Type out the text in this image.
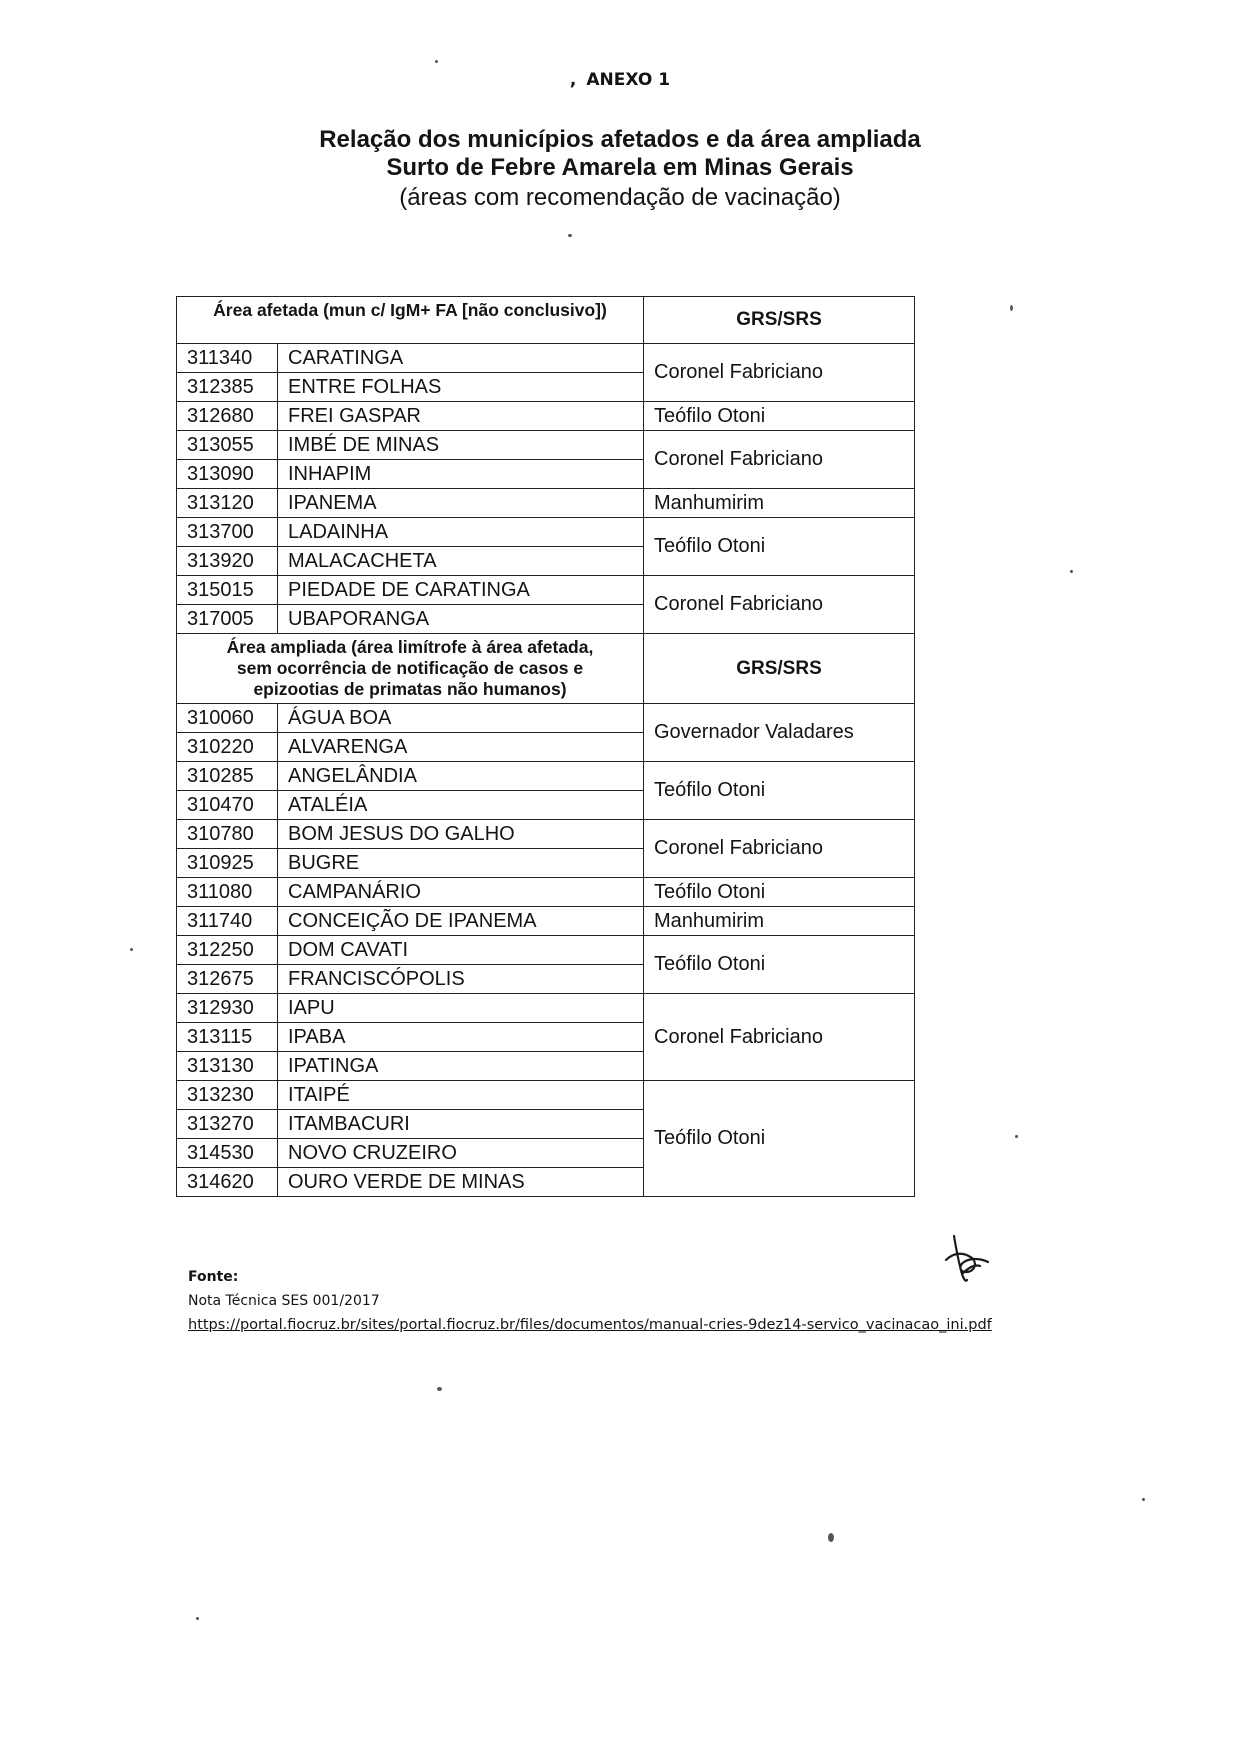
, ANEXO 1
Relação dos municípios afetados e da área ampliada
Surto de Febre Amarela em Minas Gerais
(áreas com recomendação de vacinação)
Área afetada (mun c/ IgM+ FA [não conclusivo])		GRS/SRS
311340	CARATINGA	Coronel Fabriciano
312385	ENTRE FOLHAS	
312680	FREI GASPAR	Teófilo Otoni
313055	IMBÉ DE MINAS	Coronel Fabriciano
313090	INHAPIM	
313120	IPANEMA	Manhumirim
313700	LADAINHA	Teófilo Otoni
313920	MALACACHETA	
315015	PIEDADE DE CARATINGA	Coronel Fabriciano
317005	UBAPORANGA	

Área ampliada (área limítrofe à área afetada,
sem ocorrência de notificação de casos e
epizootias de primatas não humanos)		GRS/SRS
310060	ÁGUA BOA	Governador Valadares
310220	ALVARENGA	
310285	ANGELÂNDIA	Teófilo Otoni
310470	ATALÉIA	
310780	BOM JESUS DO GALHO	Coronel Fabriciano
310925	BUGRE	
311080	CAMPANÁRIO	Teófilo Otoni
311740	CONCEIÇÃO DE IPANEMA	Manhumirim
312250	DOM CAVATI	Teófilo Otoni
312675	FRANCISCÓPOLIS	
312930	IAPU	Coronel Fabriciano
313115	IPABA	
313130	IPATINGA	
313230	ITAIPÉ	Teófilo Otoni
313270	ITAMBACURI	
314530	NOVO CRUZEIRO	
314620	OURO VERDE DE MINAS	
Fonte:
Nota Técnica SES 001/2017
https://portal.fiocruz.br/sites/portal.fiocruz.br/files/documentos/manual-cries-9dez14-servico_vacinacao_ini.pdf
